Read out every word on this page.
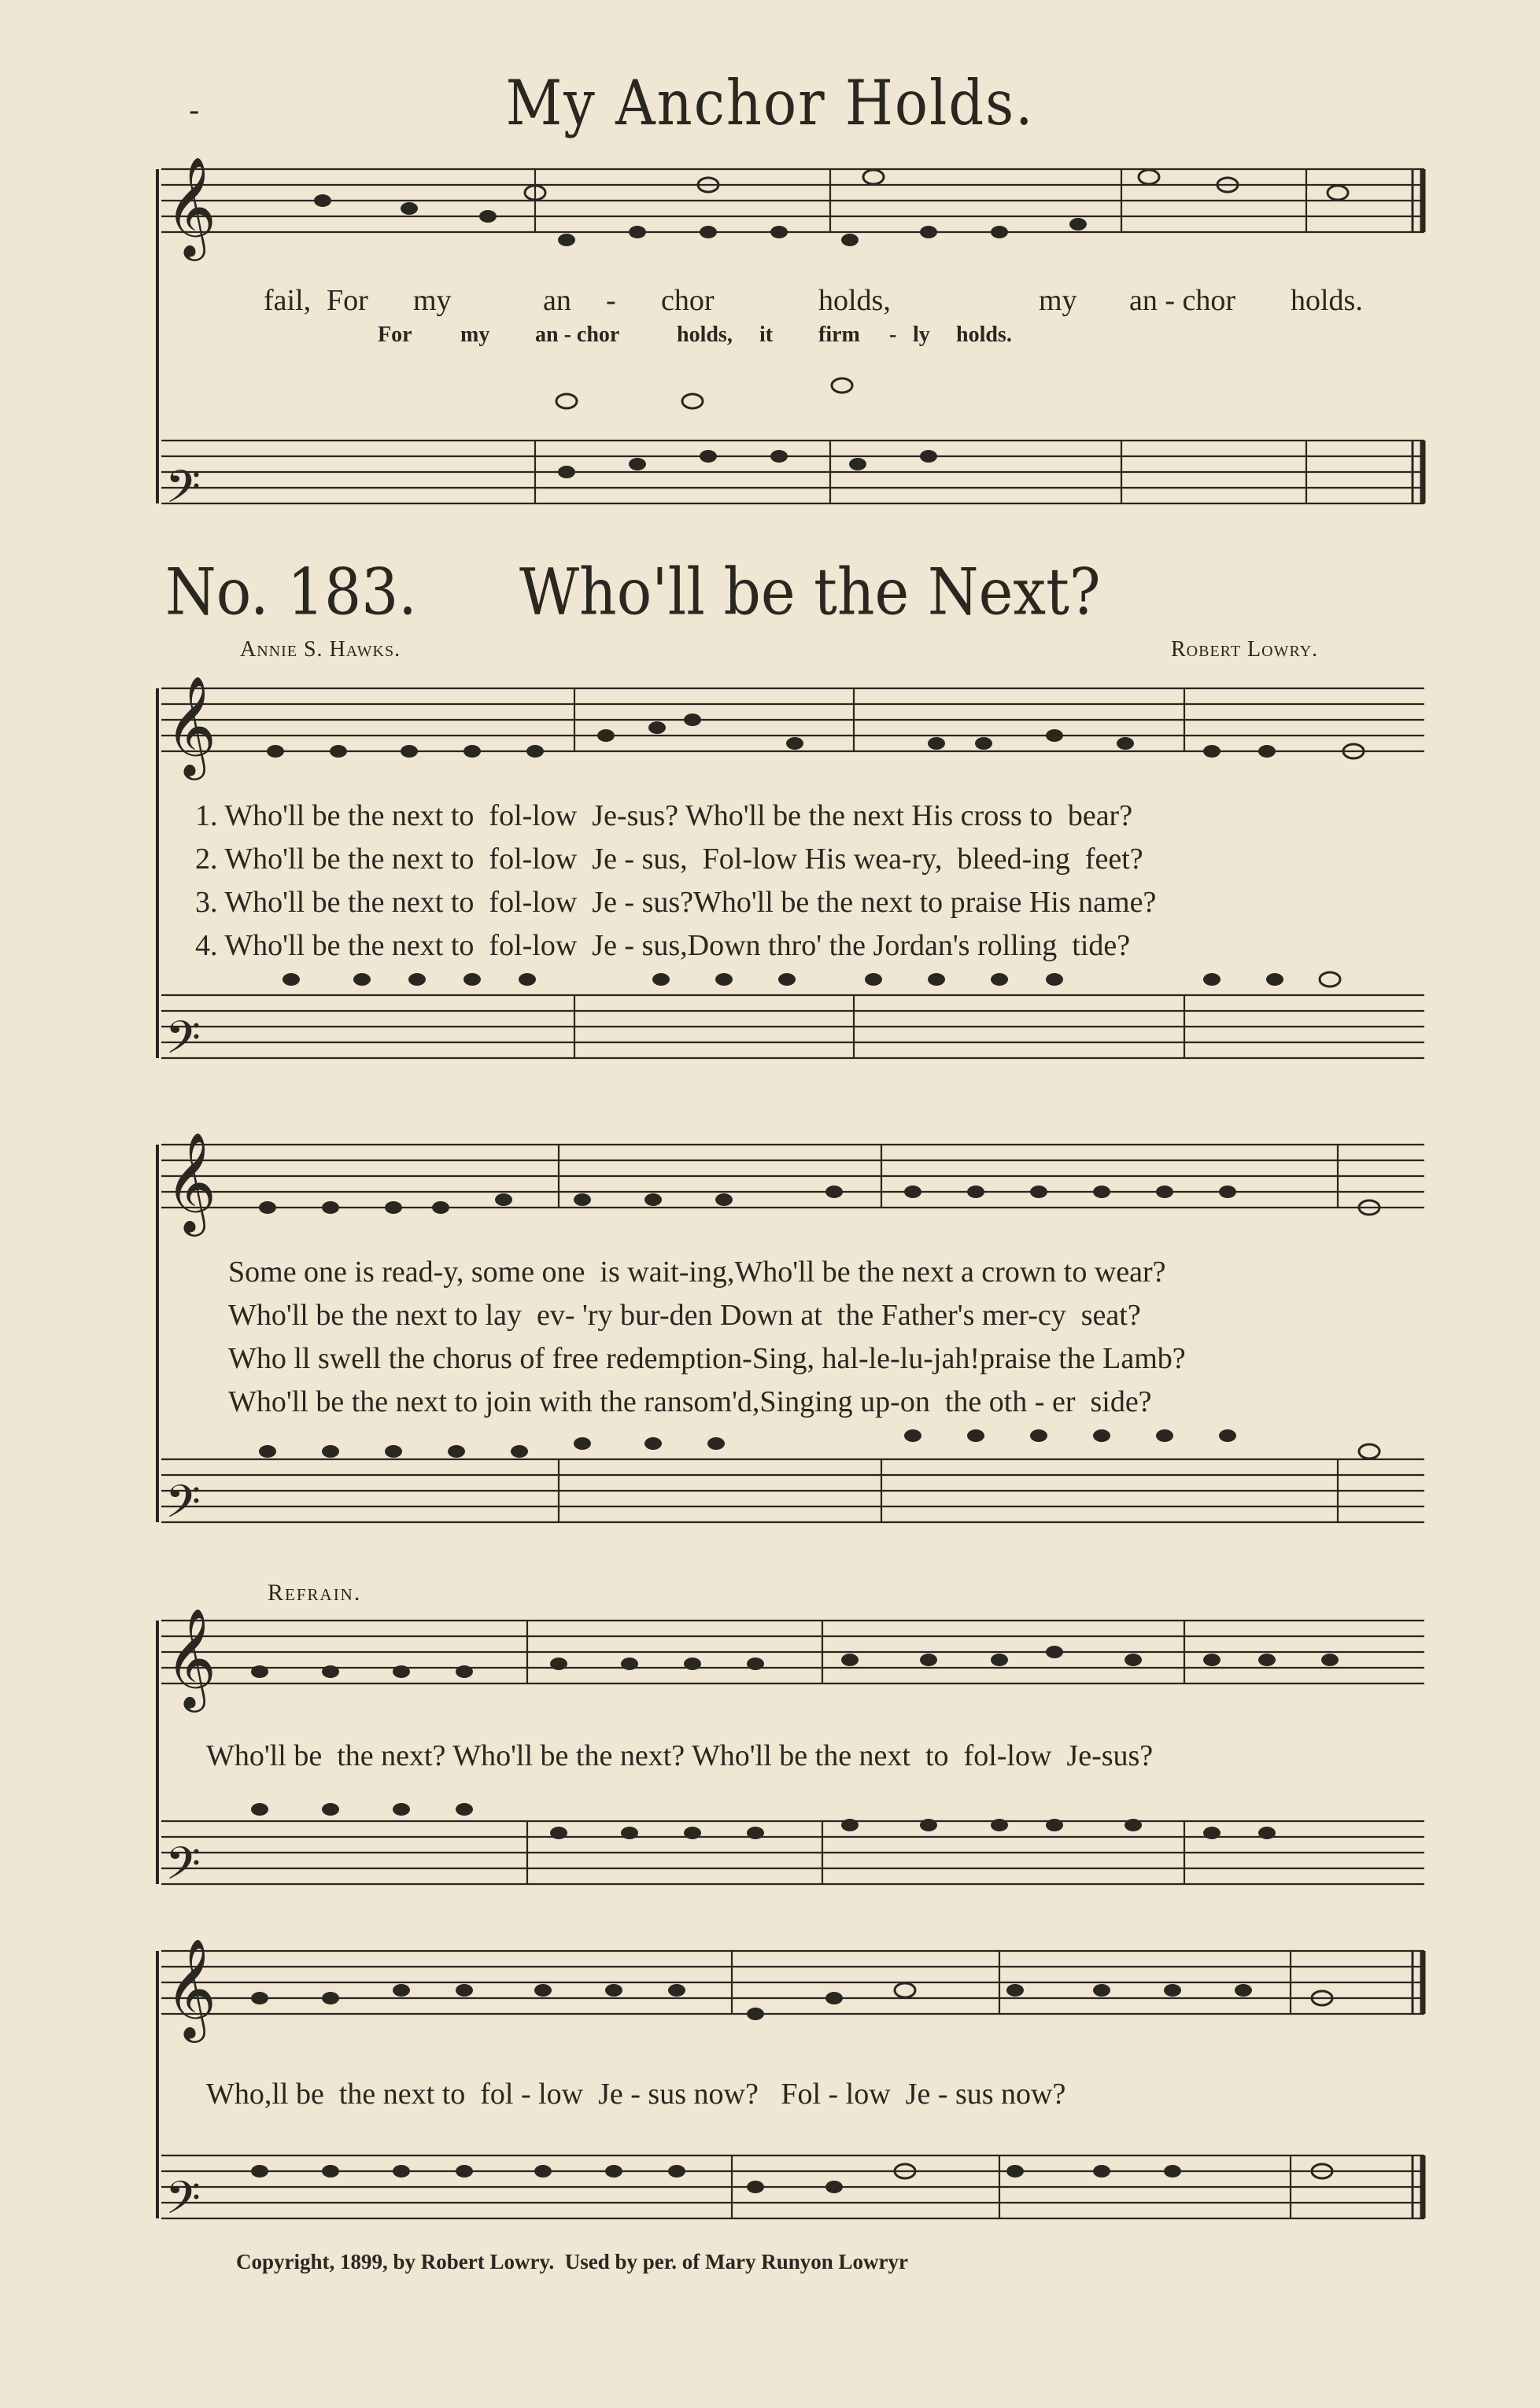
-	My Anchor Holds.
𝄞
𝄢
𝄞
𝄢
𝄞
𝄢
𝄞
𝄢
𝄞
𝄢
fail, For my	an - chor	holds,	my an - chor holds.
For my an - chor	holds, it firm - ly holds.
No. 183. Who'll be the Next?
Annie S. Hawks.	Robert Lowry.
1. Who'll be the next to  fol-low  Je-sus? Who'll be the next His cross to  bear?
2. Who'll be the next to  fol-low  Je - sus,  Fol-low His wea-ry,  bleed-ing  feet?
3. Who'll be the next to  fol-low  Je - sus?Who'll be the next to praise His name?
4. Who'll be the next to  fol-low  Je - sus,Down thro' the Jordan's rolling  tide?
Some one is read-y, some one  is wait-ing,Who'll be the next a crown to wear?
Who'll be the next to lay  ev- 'ry bur-den Down at  the Father's mer-cy  seat?
Who ll swell the chorus of free redemption-Sing, hal-le-lu-jah!praise the Lamb?
Who'll be the next to join with the ransom'd,Singing up-on  the oth - er  side?
Refrain.
Who'll be  the next? Who'll be the next? Who'll be the next  to  fol-low  Je-sus?
Who,ll be  the next to  fol - low  Je - sus now?   Fol - low  Je - sus now?
Copyright, 1899, by Robert Lowry.  Used by per. of Mary Runyon Lowryr
